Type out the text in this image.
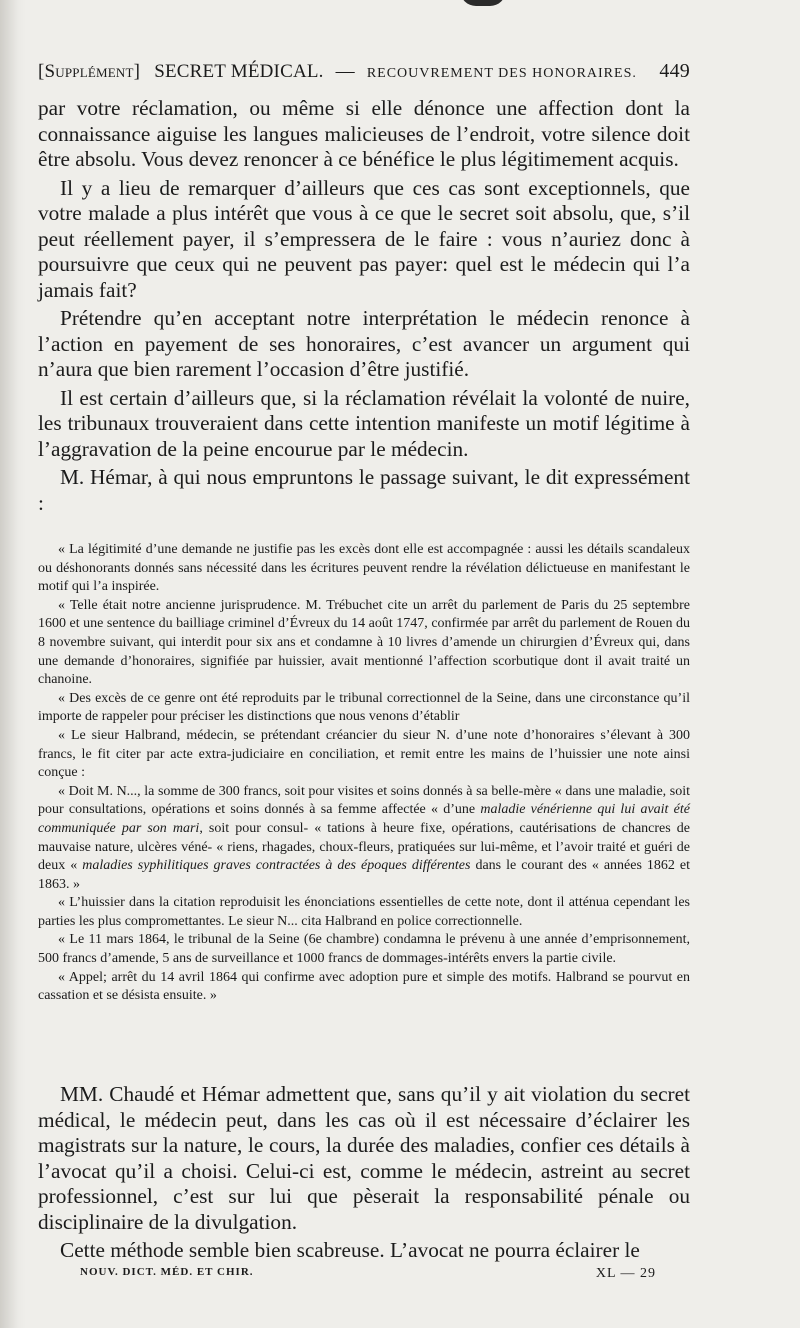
[Supplément] SECRET MÉDICAL. — RECOUVREMENT DES HONORAIRES. 449

par votre réclamation, ou même si elle dénonce une affection dont la connaissance aiguise les langues malicieuses de l’endroit, votre silence doit être absolu. Vous devez renoncer à ce bénéfice le plus légitimement acquis.

Il y a lieu de remarquer d’ailleurs que ces cas sont exceptionnels, que votre malade a plus intérêt que vous à ce que le secret soit absolu, que, s’il peut réellement payer, il s’empressera de le faire : vous n’auriez donc à poursuivre que ceux qui ne peuvent pas payer: quel est le médecin qui l’a jamais fait?

Prétendre qu’en acceptant notre interprétation le médecin renonce à l’action en payement de ses honoraires, c’est avancer un argument qui n’aura que bien rarement l’occasion d’être justifié.

Il est certain d’ailleurs que, si la réclamation révélait la volonté de nuire, les tribunaux trouveraient dans cette intention manifeste un motif légitime à l’aggravation de la peine encourue par le médecin.

M. Hémar, à qui nous empruntons le passage suivant, le dit expressément :

« La légitimité d’une demande ne justifie pas les excès dont elle est accompagnée : aussi les détails scandaleux ou déshonorants donnés sans nécessité dans les écritures peuvent rendre la révélation délictueuse en manifestant le motif qui l’a inspirée.

« Telle était notre ancienne jurisprudence. M. Trébuchet cite un arrêt du parlement de Paris du 25 septembre 1600 et une sentence du bailliage criminel d’Évreux du 14 août 1747, confirmée par arrêt du parlement de Rouen du 8 novembre suivant, qui interdit pour six ans et condamne à 10 livres d’amende un chirurgien d’Évreux qui, dans une demande d’honoraires, signifiée par huissier, avait mentionné l’affection scorbutique dont il avait traité un chanoine.

« Des excès de ce genre ont été reproduits par le tribunal correctionnel de la Seine, dans une circonstance qu’il importe de rappeler pour préciser les distinctions que nous venons d’établir

« Le sieur Halbrand, médecin, se prétendant créancier du sieur N. d’une note d’honoraires s’élevant à 300 francs, le fit citer par acte extra-judiciaire en conciliation, et remit entre les mains de l’huissier une note ainsi conçue :

« Doit M. N..., la somme de 300 francs, soit pour visites et soins donnés à sa belle-mère « dans une maladie, soit pour consultations, opérations et soins donnés à sa femme affectée « d’une maladie vénérienne qui lui avait été communiquée par son mari, soit pour consul- « tations à heure fixe, opérations, cautérisations de chancres de mauvaise nature, ulcères véné- « riens, rhagades, choux-fleurs, pratiquées sur lui-même, et l’avoir traité et guéri de deux « maladies syphilitiques graves contractées à des époques différentes dans le courant des « années 1862 et 1863. »

« L’huissier dans la citation reproduisit les énonciations essentielles de cette note, dont il atténua cependant les parties les plus compromettantes. Le sieur N... cita Halbrand en police correctionnelle.

« Le 11 mars 1864, le tribunal de la Seine (6e chambre) condamna le prévenu à une année d’emprisonnement, 500 francs d’amende, 5 ans de surveillance et 1000 francs de dommages-intérêts envers la partie civile.

« Appel; arrêt du 14 avril 1864 qui confirme avec adoption pure et simple des motifs. Halbrand se pourvut en cassation et se désista ensuite. »

MM. Chaudé et Hémar admettent que, sans qu’il y ait violation du secret médical, le médecin peut, dans les cas où il est nécessaire d’éclairer les magistrats sur la nature, le cours, la durée des maladies, confier ces détails à l’avocat qu’il a choisi. Celui-ci est, comme le médecin, astreint au secret professionnel, c’est sur lui que pèserait la responsabilité pénale ou disciplinaire de la divulgation.

Cette méthode semble bien scabreuse. L’avocat ne pourra éclairer le

NOUV. DICT. MÉD. ET CHIR.	XL — 29
